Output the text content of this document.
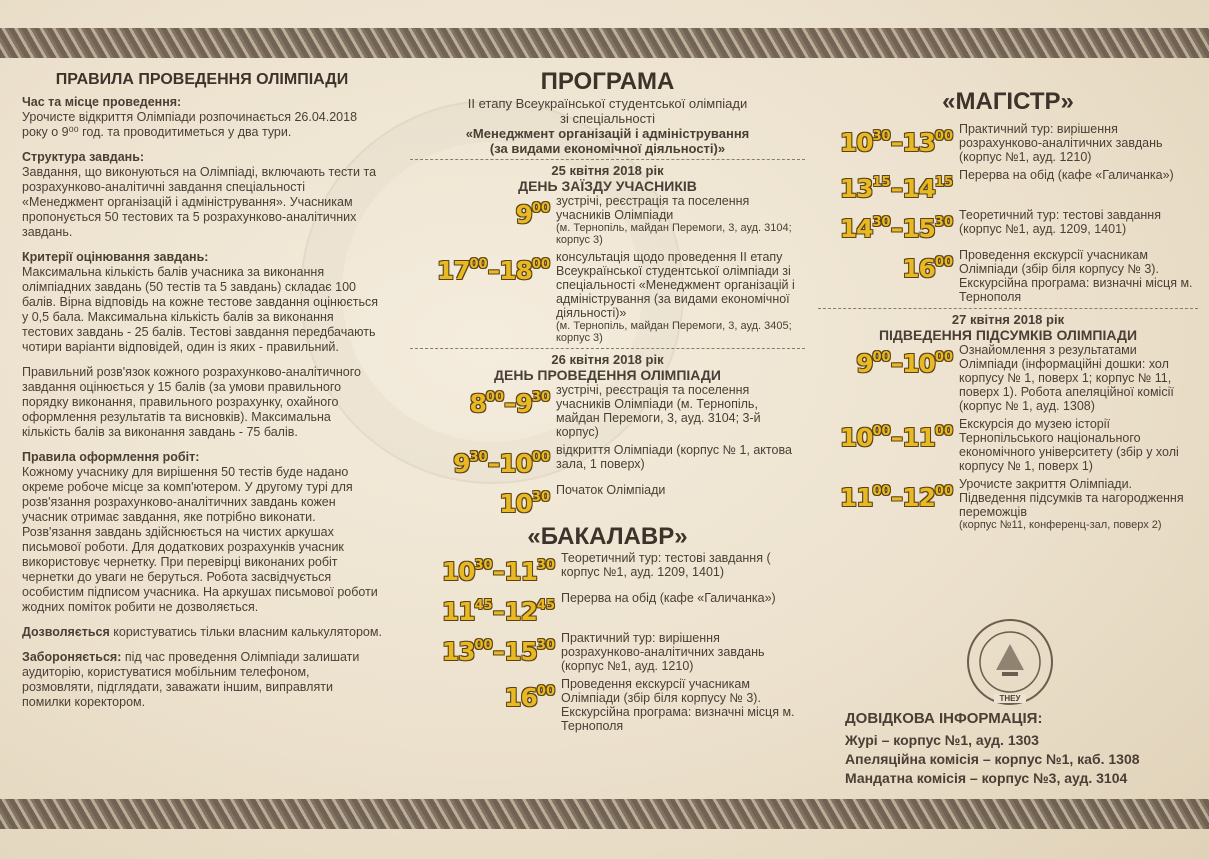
ПРАВИЛА ПРОВЕДЕННЯ ОЛІМПІАДИ

Час та місце проведення:
Урочисте відкриття Олімпіади розпочинається 26.04.2018 року о 9⁰⁰ год. та проводитиметься у два тури.

Структура завдань:
Завдання, що виконуються на Олімпіаді, включають тести та розрахунково-аналітичні завдання спеціальності «Менеджмент організацій і адміністрування». Учасникам пропонується 50 тестових та 5 розрахунково-аналітичних завдань.

Критерії оцінювання завдань:
Максимальна кількість балів учасника за виконання олімпіадних завдань (50 тестів та 5 завдань) складає 100 балів. Вірна відповідь на кожне тестове завдання оцінюється у 0,5 бала. Максимальна кількість балів за виконання тестових завдань - 25 балів. Тестові завдання передбачають чотири варіанти відповідей, один із яких - правильний.

Правильний розв'язок кожного розрахунково-аналітичного завдання оцінюється у 15 балів (за умови правильного порядку виконання, правильного розрахунку, охайного оформлення результатів та висновків). Максимальна кількість балів за виконання завдань - 75 балів.

Правила оформлення робіт:
Кожному учаснику для вирішення 50 тестів буде надано окреме робоче місце за комп'ютером. У другому турі для розв'язання розрахунково-аналітичних завдань кожен учасник отримає завдання, яке потрібно виконати. Розв'язання завдань здійснюється на чистих аркушах письмової роботи. Для додаткових розрахунків учасник використовує чернетку. При перевірці виконаних робіт чернетки до уваги не беруться. Робота засвідчується особистим підписом учасника. На аркушах письмової роботи жодних поміток робити не дозволяється.

Дозволяється користуватись тільки власним калькулятором.

Забороняється: під час проведення Олімпіади залишати аудиторію, користуватися мобільним телефоном, розмовляти, підглядати, заважати іншим, виправляти помилки коректором.

ПРОГРАМА

ІІ етапу Всеукраїнської студентської олімпіади

зі спеціальності

«Менеджмент організацій і адміністрування

(за видами економічної діяльності)»

25 квітня 2018 рік

ДЕНЬ ЗАЇЗДУ УЧАСНИКІВ

$9^{00}$ зустрічі, реєстрація та поселення учасників Олімпіади
(м. Тернопіль, майдан Перемоги, 3, ауд. 3104; корпус 3)
$17^{00}-18^{00}$ консультація щодо проведення ІІ етапу Всеукраїнської студентської олімпіади зі спеціальності «Менеджмент організацій і адміністрування (за видами економічної діяльності)»
(м. Тернопіль, майдан Перемоги, 3, ауд. 3405; корпус 3)

26 квітня 2018 рік

ДЕНЬ ПРОВЕДЕННЯ ОЛІМПІАДИ

$8^{00}-9^{30}$ зустрічі, реєстрація та поселення учасників Олімпіади (м. Тернопіль, майдан Перемоги, 3, ауд. 3104; 3-й корпус)
$9^{30}-10^{00}$ відкриття Олімпіади (корпус № 1, актова зала, 1 поверх)
$10^{30}$ Початок Олімпіади

«БАКАЛАВР»

$10^{30}-11^{30}$ Теоретичний тур: тестові завдання ( корпус №1, ауд. 1209, 1401)
$11^{45}-12^{45}$ Перерва на обід (кафе «Галичанка»)
$13^{00}-15^{30}$ Практичний тур: вирішення розрахунково-аналітичних завдань (корпус №1, ауд. 1210)
$16^{00}$ Проведення екскурсії учасникам Олімпіади (збір біля корпусу № 3). Екскурсійна програма: визначні місця м. Тернополя

«МАГІСТР»

$10^{30}-13^{00}$ Практичний тур: вирішення розрахунково-аналітичних завдань (корпус №1, ауд. 1210)
$13^{15}-14^{15}$ Перерва на обід (кафе «Галичанка»)
$14^{30}-15^{30}$ Теоретичний тур: тестові завдання (корпус №1, ауд. 1209, 1401)
$16^{00}$ Проведення екскурсії учасникам Олімпіади (збір біля корпусу № 3). Екскурсійна програма: визначні місця м. Тернополя

27 квітня 2018 рік

ПІДВЕДЕННЯ ПІДСУМКІВ ОЛІМПІАДИ

$9^{00}-10^{00}$ Ознайомлення з результатами Олімпіади (інформаційні дошки: хол корпусу № 1, поверх 1; корпус № 11, поверх 1). Робота апеляційної комісії (корпус № 1, ауд. 1308)
$10^{00}-11^{00}$ Екскурсія до музею історії Тернопільського національного економічного університету (збір у холі корпусу № 1, поверх 1)
$11^{00}-12^{00}$ Урочисте закриття Олімпіади. Підведення підсумків та нагородження переможців
(корпус №11, конференц-зал, поверх 2)
ТНЕУ

ДОВІДКОВА ІНФОРМАЦІЯ:

Журі – корпус №1, ауд. 1303
Апеляційна комісія – корпус №1, каб. 1308
Мандатна комісія – корпус №3, ауд. 3104
